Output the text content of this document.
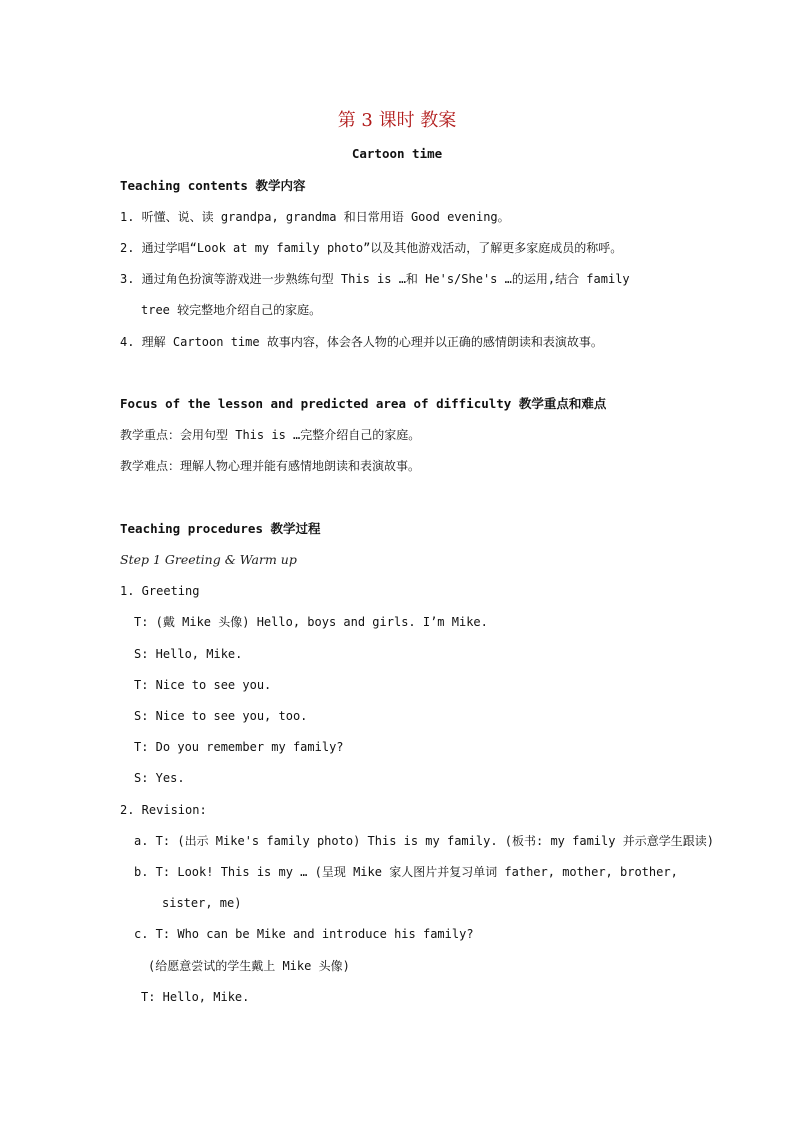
第 3 课时 教案
Cartoon time
Teaching contents 教学内容
1. 听懂、说、读 grandpa, grandma 和日常用语 Good evening。
2. 通过学唱“Look at my family photo”以及其他游戏活动，了解更多家庭成员的称呼。
3. 通过角色扮演等游戏进一步熟练句型 This is …和 He's/She's …的运用,结合 family
tree 较完整地介绍自己的家庭。
4. 理解 Cartoon time 故事内容，体会各人物的心理并以正确的感情朗读和表演故事。
Focus of the lesson and predicted area of difficulty 教学重点和难点
教学重点：会用句型 This is …完整介绍自己的家庭。
教学难点：理解人物心理并能有感情地朗读和表演故事。
Teaching procedures 教学过程
Step 1 Greeting & Warm up
1. Greeting
T: (戴 Mike 头像) Hello, boys and girls. I’m Mike.
S: Hello, Mike.
T: Nice to see you.
S: Nice to see you, too.
T: Do you remember my family?
S: Yes.
2. Revision:
a. T: (出示 Mike's family photo) This is my family. (板书: my family 并示意学生跟读)
b. T: Look! This is my … (呈现 Mike 家人图片并复习单词 father, mother, brother,
sister, me)
c. T: Who can be Mike and introduce his family?
(给愿意尝试的学生戴上 Mike 头像)
T: Hello, Mike.
